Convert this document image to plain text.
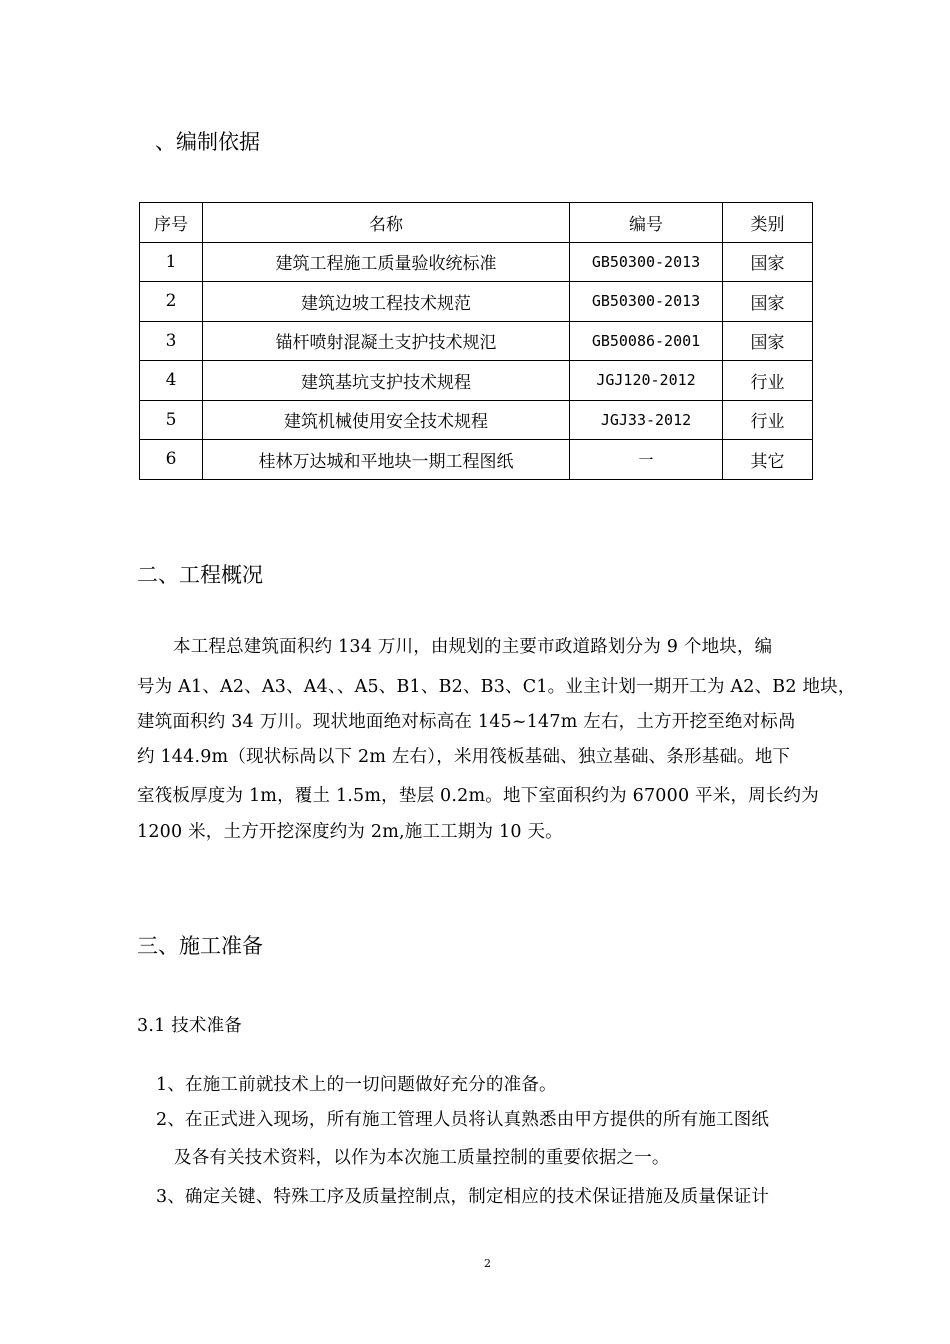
、编制依据
序号	名称	编号	类别
1	建筑工程施工质量验收统标准	GB50300-2013	国家
2	建筑边坡工程技术规范	GB50300-2013	国家
3	锚杆喷射混凝土支护技术规氾	GB50086-2001	国家
4	建筑基坑支护技术规程	JGJ120-2012	行业
5	建筑机械使用安全技术规程	JGJ33-2012	行业
6	桂林万达城和平地块一期工程图纸	一	其它
二、工程概况
本工程总建筑面积约 134 万川，由规划的主要市政道路划分为 9 个地块，编
号为 A1、A2、A3、A4、、A5、B1、B2、B3、C1。业主计划一期开工为 A2、B2 地块，
建筑面积约 34 万川。现状地面绝对标高在 145~147m 左右，土方开挖至绝对标咼
约 144.9m（现状标咼以下 2m 左右），米用筏板基础、独立基础、条形基础。地下
室筏板厚度为 1m，覆土 1.5m，垫层 0.2m。地下室面积约为 67000 平米，周长约为
1200 米，土方开挖深度约为 2m,施工工期为 10 天。
三、施工准备
3.1 技术准备
1、在施工前就技术上的一切问题做好充分的准备。
2、在正式进入现场，所有施工管理人员将认真熟悉由甲方提供的所有施工图纸
及各有关技术资料，以作为本次施工质量控制的重要依据之一。
3、确定关键、特殊工序及质量控制点，制定相应的技术保证措施及质量保证计
2
